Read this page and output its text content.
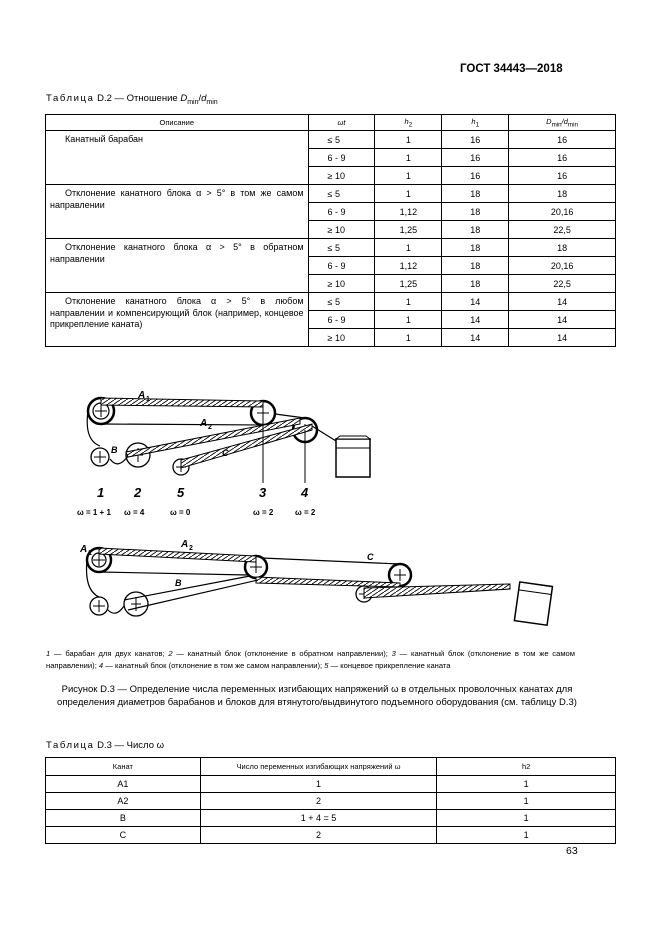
ГОСТ 34443—2018
Таблица D.2 — Отношение $D_{min}/d_{min}$
Описание	ωt	$h_2$	$h_1$	$D_{min}/d_{min}$
Канатный барабан	≤ 5	1	16	16
	6 - 9	1	16	16
	≥ 10	1	16	16
Отклонение канатного блока α > 5° в том же самом направлении	≤ 5	1	18	18
	6 - 9	1,12	18	20,16
	≥ 10	1,25	18	22,5
Отклонение канатного блока α > 5° в обратном направлении	≤ 5	1	18	18
	6 - 9	1,12	18	20,16
	≥ 10	1,25	18	22,5
Отклонение канатного блока α > 5° в любом направлении и компенсирующий блок (например, концевое прикрепление каната)	≤ 5	1	14	14
	6 - 9	1	14	14
	≥ 10	1	14	14
A 1
A 2
B	C
1 2	5	3	4
ω = 1 + 1 ω = 4	ω = 0	ω = 2	ω = 2
A 1
A 2
B
C
1 — барабан для двух канатов; 2 — канатный блок (отклонение в обратном направлении); 3 — канатный блок (отклонение в том же самом направлении); 4 — канатный блок (отклонение в том же самом направлении); 5 — концевое прикрепление каната
Рисунок D.3 — Определение числа переменных изгибающих напряжений ω в отдельных проволочных канатах для определения диаметров барабанов и блоков для втянутого/выдвинутого подъемного оборудования (см. таблицу D.3)
Таблица D.3 — Число ω
Канат	Число переменных изгибающих напряжений ω	h2
A1	1	1
A2	2	1
B	1 + 4 = 5	1
C	2	1
63
